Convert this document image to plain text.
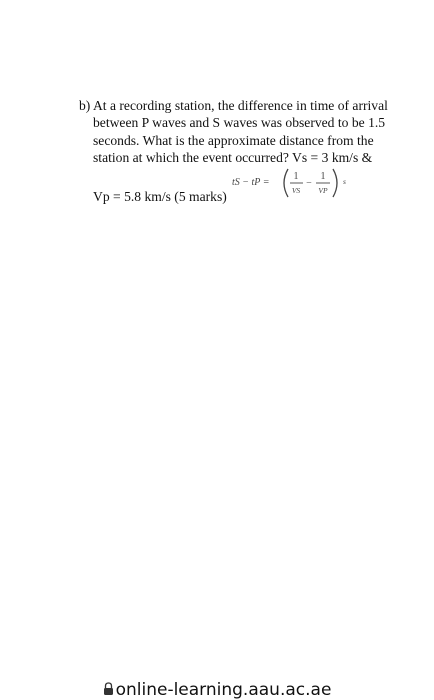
b) At a recording station, the difference in time of arrival
between P waves and S waves was observed to be 1.5
seconds. What is the approximate distance from the
station at which the event occurred? Vs = 3 km/s &
Vp = 5.8 km/s (5 marks)
tS − tP =
1
VS
−
1
VP
s
online-learning.aau.ac.ae
